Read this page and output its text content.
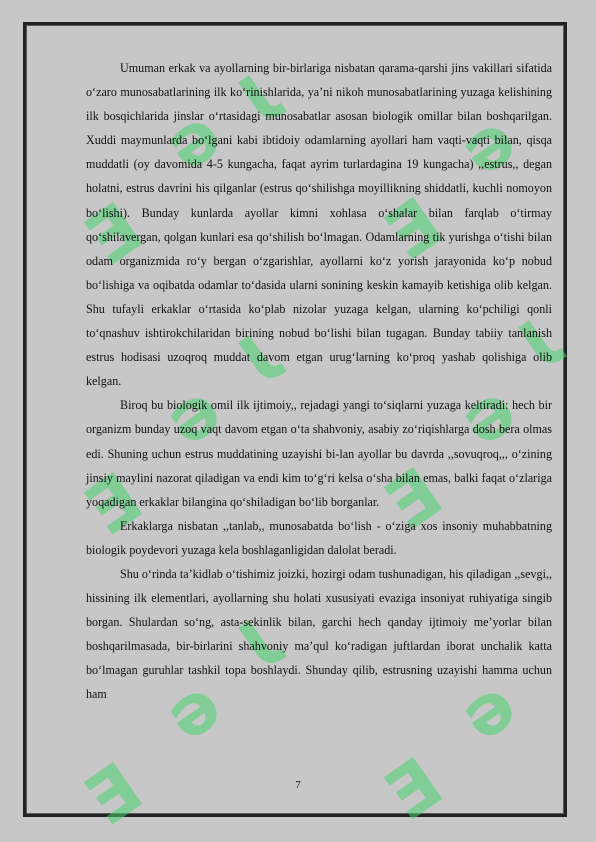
Ǝ
ǝ
Ɩ
Ǝ
ǝ
Ɩ
Ǝ
ǝ
Ɩ
Ǝ
ǝ
Ǝ
ǝ
Ɩ
Ǝ
ǝ

Umuman erkak va ayollarning bir-birlariga nisbatan qarama-qarshi jins vakillari sifatida o‘zaro munosabatlarining ilk ko‘rinishlarida, ya’ni nikoh munosabatlarining yuzaga kelishining ilk bosqichlarida jinslar o‘rtasidagi munosabatlar asosan biologik omillar bilan boshqarilgan. Xuddi maymunlarda bo‘lgani kabi ibtidoiy odamlarning ayollari ham vaqti-vaqti bilan, qisqa muddatli (oy davomida 4-5 kungacha, faqat ayrim turlardagina 19 kungacha) ,,estrus,, degan holatni, estrus davrini his qilganlar (estrus qo‘shilishga moyillikning shiddatli, kuchli nomoyon bo‘lishi). Bunday kunlarda ayollar kimni xohlasa o‘shalar bilan farqlab o‘tirmay qo‘shilavergan, qolgan kunlari esa qo‘shilish bo‘lmagan. Odamlarning tik yurishga o‘tishi bilan odam organizmida ro‘y bergan o‘zgarishlar, ayollarni ko‘z yorish jarayonida ko‘p nobud bo‘lishiga va oqibatda odamlar to‘dasida ularni sonining keskin kamayib ketishiga olib kelgan. Shu tufayli erkaklar o‘rtasida ko‘plab nizolar yuzaga kelgan, ularning ko‘pchiligi qonli to‘qnashuv ishtirokchilaridan birining nobud bo‘lishi bilan tugagan. Bunday tabiiy tanlanish estrus hodisasi uzoqroq muddat davom etgan urug‘larning ko‘proq yashab qolishiga olib kelgan.

Biroq bu biologik omil ilk ijtimoiy,, rejadagi yangi to‘siqlarni yuzaga keltiradi: hech bir organizm bunday uzoq vaqt davom etgan o‘ta shahvoniy, asabiy zo‘riqishlarga dosh bera olmas edi. Shuning uchun estrus muddatining uzayishi bi-lan ayollar bu davrda ,,sovuqroq,,, o‘zining jinsiy maylini nazorat qiladigan va endi kim to‘g‘ri kelsa o‘sha bilan emas, balki faqat o‘zlariga yoqadigan erkaklar bilangina qo‘shiladigan bo‘lib borganlar.

Erkaklarga nisbatan ,,tanlab,, munosabatda bo‘lish - o‘ziga xos insoniy muhabbatning biologik poydevori yuzaga kela boshlaganligidan dalolat beradi.

Shu o‘rinda ta’kidlab o‘tishimiz joizki, hozirgi odam tushunadigan, his qiladigan ,,sevgi,, hissining ilk elementlari, ayollarning shu holati xususiyati evaziga insoniyat ruhiyatiga singib borgan. Shulardan so‘ng, asta-sekinlik bilan, garchi hech qanday ijtimoiy me’yorlar bilan boshqarilmasada, bir-birlarini shahvoniy ma’qul ko‘radigan juftlardan iborat unchalik katta bo‘lmagan guruhlar tashkil topa boshlaydi. Shunday qilib, estrusning uzayishi hamma uchun ham

7
